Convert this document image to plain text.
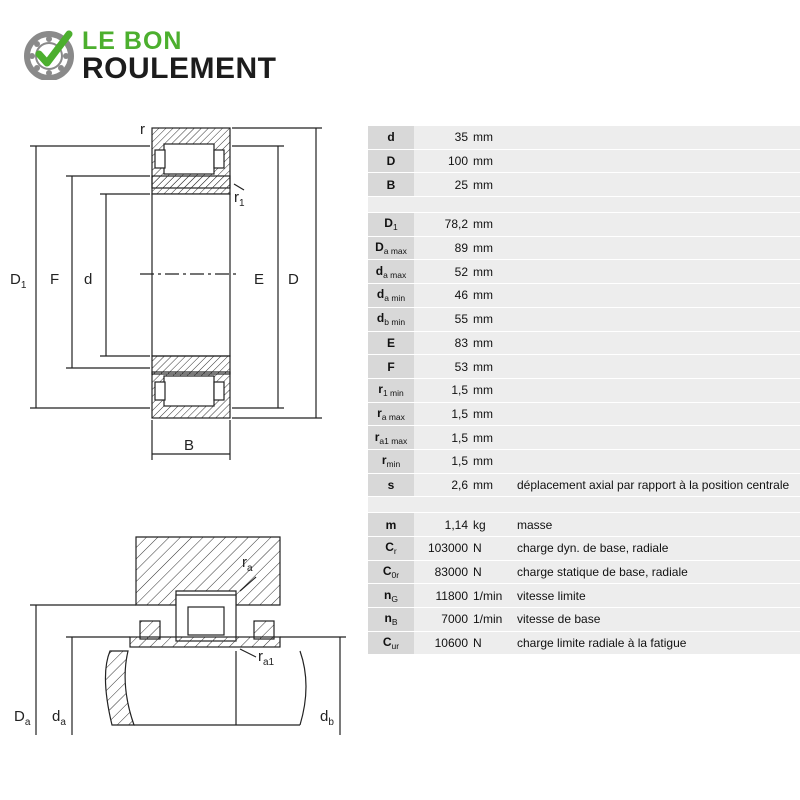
LE BON
ROULEMENT
r
$r_1$
$D_1$ F d	E D
B
$r_a$
$r_{a1}$
$D_a$ $d_a$	$d_b$
d	35	mm	
D	100	mm	
B	25	mm	

$D_1$	78,2	mm	
$D_{a max}$	89	mm	
$d_{a max}$	52	mm	
$d_{a min}$	46	mm	
$d_{b min}$	55	mm	
E	83	mm	
F	53	mm	
$r_{1 min}$	1,5	mm	
$r_{a max}$	1,5	mm	
$r_{a1 max}$	1,5	mm	
$r_{min}$	1,5	mm	
s	2,6	mm	déplacement axial par rapport à la position centrale

m	1,14	kg	masse
$C_r$	103000	N	charge dyn. de base, radiale
$C_{0r}$	83000	N	charge statique de base, radiale
$n_G$	11800	1/min	vitesse limite
$n_B$	7000	1/min	vitesse de base
$C_{ur}$	10600	N	charge limite radiale à la fatigue
